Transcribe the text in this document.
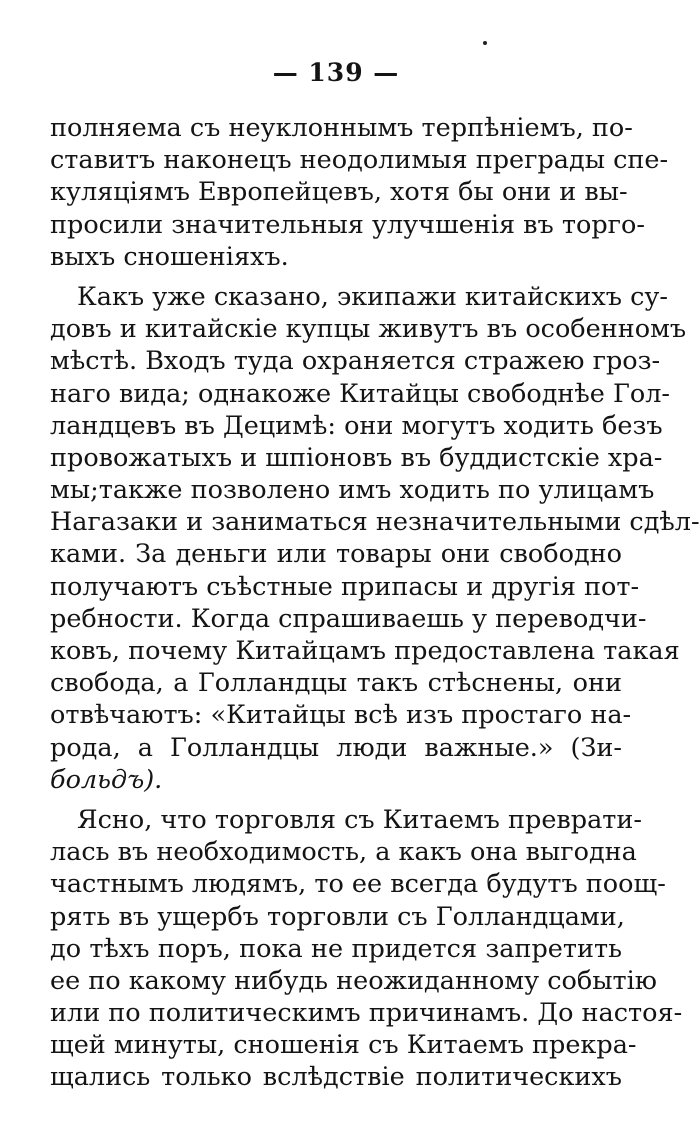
— 139 —
полняема съ неуклоннымъ терпѣніемъ, по-
ставитъ наконецъ неодолимыя преграды спе-
куляціямъ Европейцевъ, хотя бы они и вы-
просили значительныя улучшенія въ торго-
выхъ сношеніяхъ.
Какъ уже сказано, экипажи китайскихъ су-
довъ и китайскіе купцы живутъ въ особенномъ
мѣстѣ. Входъ туда охраняется стражею гроз-
наго вида; однакоже Китайцы свободнѣе Гол-
ландцевъ въ Децимѣ: они могутъ ходить безъ
провожатыхъ и шпіоновъ въ буддистскіе хра-
мы;также позволено имъ ходить по улицамъ
Нагазаки и заниматься незначительными сдѣл-
ками. За деньги или товары они свободно
получаютъ съѣстные припасы и другія пот-
ребности. Когда спрашиваешь у переводчи-
ковъ, почему Китайцамъ предоставлена такая
свобода, а Голландцы такъ стѣснены, они
отвѣчаютъ: «Китайцы всѣ изъ простаго на-
рода, а Голландцы люди важные.» (Зи-
больдъ).
Ясно, что торговля съ Китаемъ преврати-
лась въ необходимость, а какъ она выгодна
частнымъ людямъ, то ее всегда будутъ поощ-
рять въ ущербъ торговли съ Голландцами,
до тѣхъ поръ, пока не придется запретить
ее по какому нибудь неожиданному событію
или по политическимъ причинамъ. До настоя-
щей минуты, сношенія съ Китаемъ прекра-
щались только вслѣдствіе политическихъ
